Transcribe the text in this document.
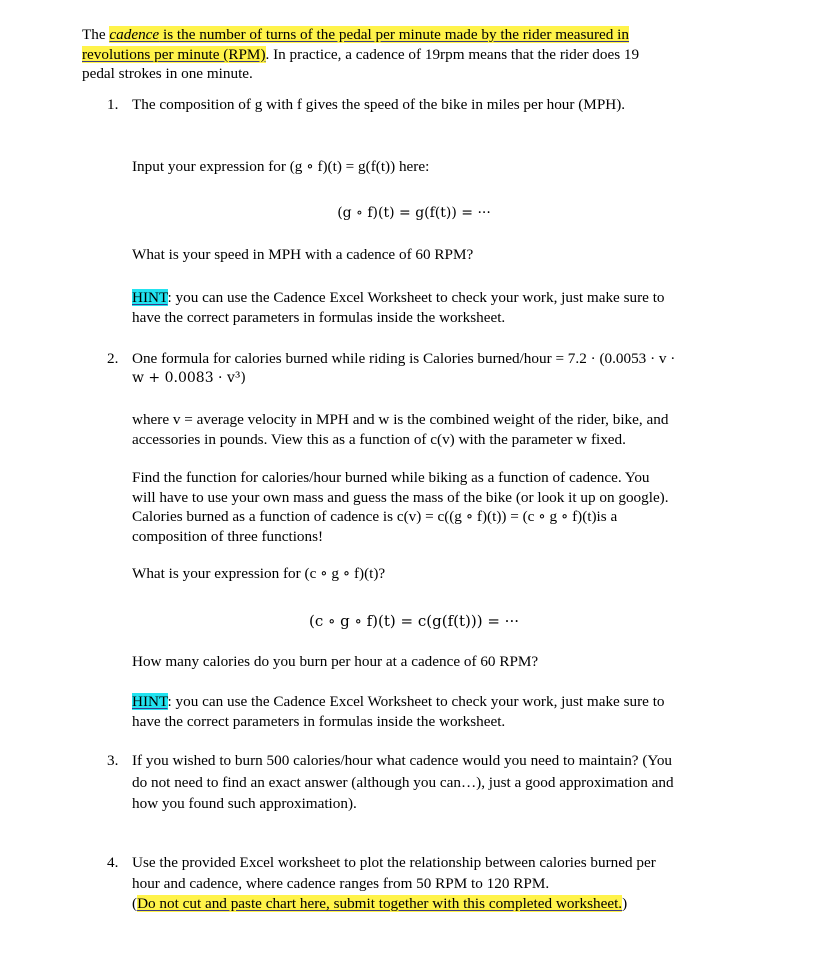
The cadence is the number of turns of the pedal per minute made by the rider measured in
revolutions per minute (RPM). In practice, a cadence of 19rpm means that the rider does 19
pedal strokes in one minute.
1. The composition of g with f gives the speed of the bike in miles per hour (MPH).
Input your expression for (g ∘ f)(t) = g(f(t)) here:
(g ∘ f)(t) = g(f(t)) = ···
What is your speed in MPH with a cadence of 60 RPM?
HINT: you can use the Cadence Excel Worksheet to check your work, just make sure to
have the correct parameters in formulas inside the worksheet.
2. One formula for calories burned while riding is Calories burned/hour = 7.2 · (0.0053 · v ·
w + 0.0083 · v³)
where v = average velocity in MPH and w is the combined weight of the rider, bike, and
accessories in pounds. View this as a function of c(v) with the parameter w fixed.
Find the function for calories/hour burned while biking as a function of cadence. You
will have to use your own mass and guess the mass of the bike (or look it up on google).
Calories burned as a function of cadence is c(v) = c((g ∘ f)(t)) = (c ∘ g ∘ f)(t)is a
composition of three functions!
What is your expression for (c ∘ g ∘ f)(t)?
(c ∘ g ∘ f)(t) = c(g(f(t))) = ···
How many calories do you burn per hour at a cadence of 60 RPM?
HINT: you can use the Cadence Excel Worksheet to check your work, just make sure to
have the correct parameters in formulas inside the worksheet.
3. If you wished to burn 500 calories/hour what cadence would you need to maintain? (You
do not need to find an exact answer (although you can…), just a good approximation and
how you found such approximation).
4. Use the provided Excel worksheet to plot the relationship between calories burned per
hour and cadence, where cadence ranges from 50 RPM to 120 RPM.
(Do not cut and paste chart here, submit together with this completed worksheet.)
